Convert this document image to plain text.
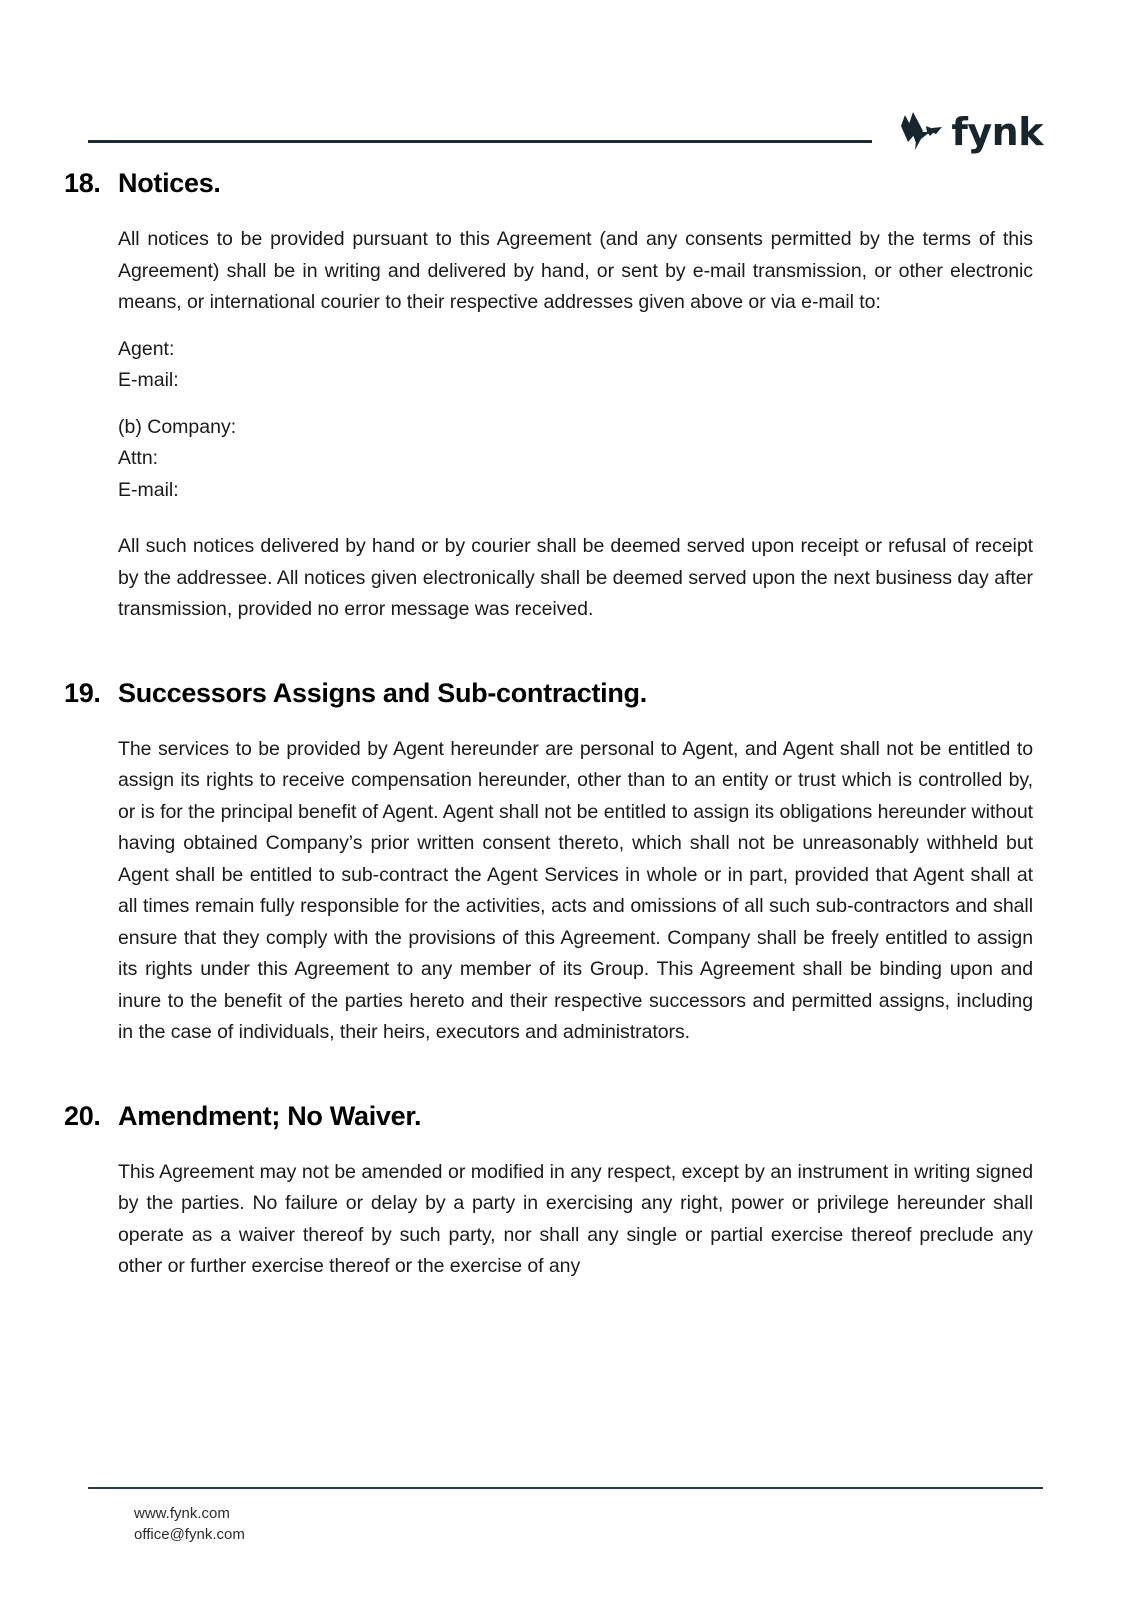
fynk
18. Notices.

All notices to be provided pursuant to this Agreement (and any consents permitted by the terms of this Agreement) shall be in writing and delivered by hand, or sent by e-mail transmission, or other electronic means, or international courier to their respective addresses given above or via e-mail to:

Agent:

E-mail:

(b) Company:

Attn:

E-mail:

All such notices delivered by hand or by courier shall be deemed served upon receipt or refusal of receipt by the addressee. All notices given electronically shall be deemed served upon the next business day after transmission, provided no error message was received.

19. Successors Assigns and Sub-contracting.

The services to be provided by Agent hereunder are personal to Agent, and Agent shall not be entitled to assign its rights to receive compensation hereunder, other than to an entity or trust which is controlled by, or is for the principal benefit of Agent. Agent shall not be entitled to assign its obligations hereunder without having obtained Company’s prior written consent thereto, which shall not be unreasonably withheld but Agent shall be entitled to sub-contract the Agent Services in whole or in part, provided that Agent shall at all times remain fully responsible for the activities, acts and omissions of all such sub-contractors and shall ensure that they comply with the provisions of this Agreement. Company shall be freely entitled to assign its rights under this Agreement to any member of its Group. This Agreement shall be binding upon and inure to the benefit of the parties hereto and their respective successors and permitted assigns, including in the case of individuals, their heirs, executors and administrators.

20. Amendment; No Waiver.

This Agreement may not be amended or modified in any respect, except by an instrument in writing signed by the parties. No failure or delay by a party in exercising any right, power or privilege hereunder shall operate as a waiver thereof by such party, nor shall any single or partial exercise thereof preclude any other or further exercise thereof or the exercise of any

www.fynk.com
office@fynk.com
